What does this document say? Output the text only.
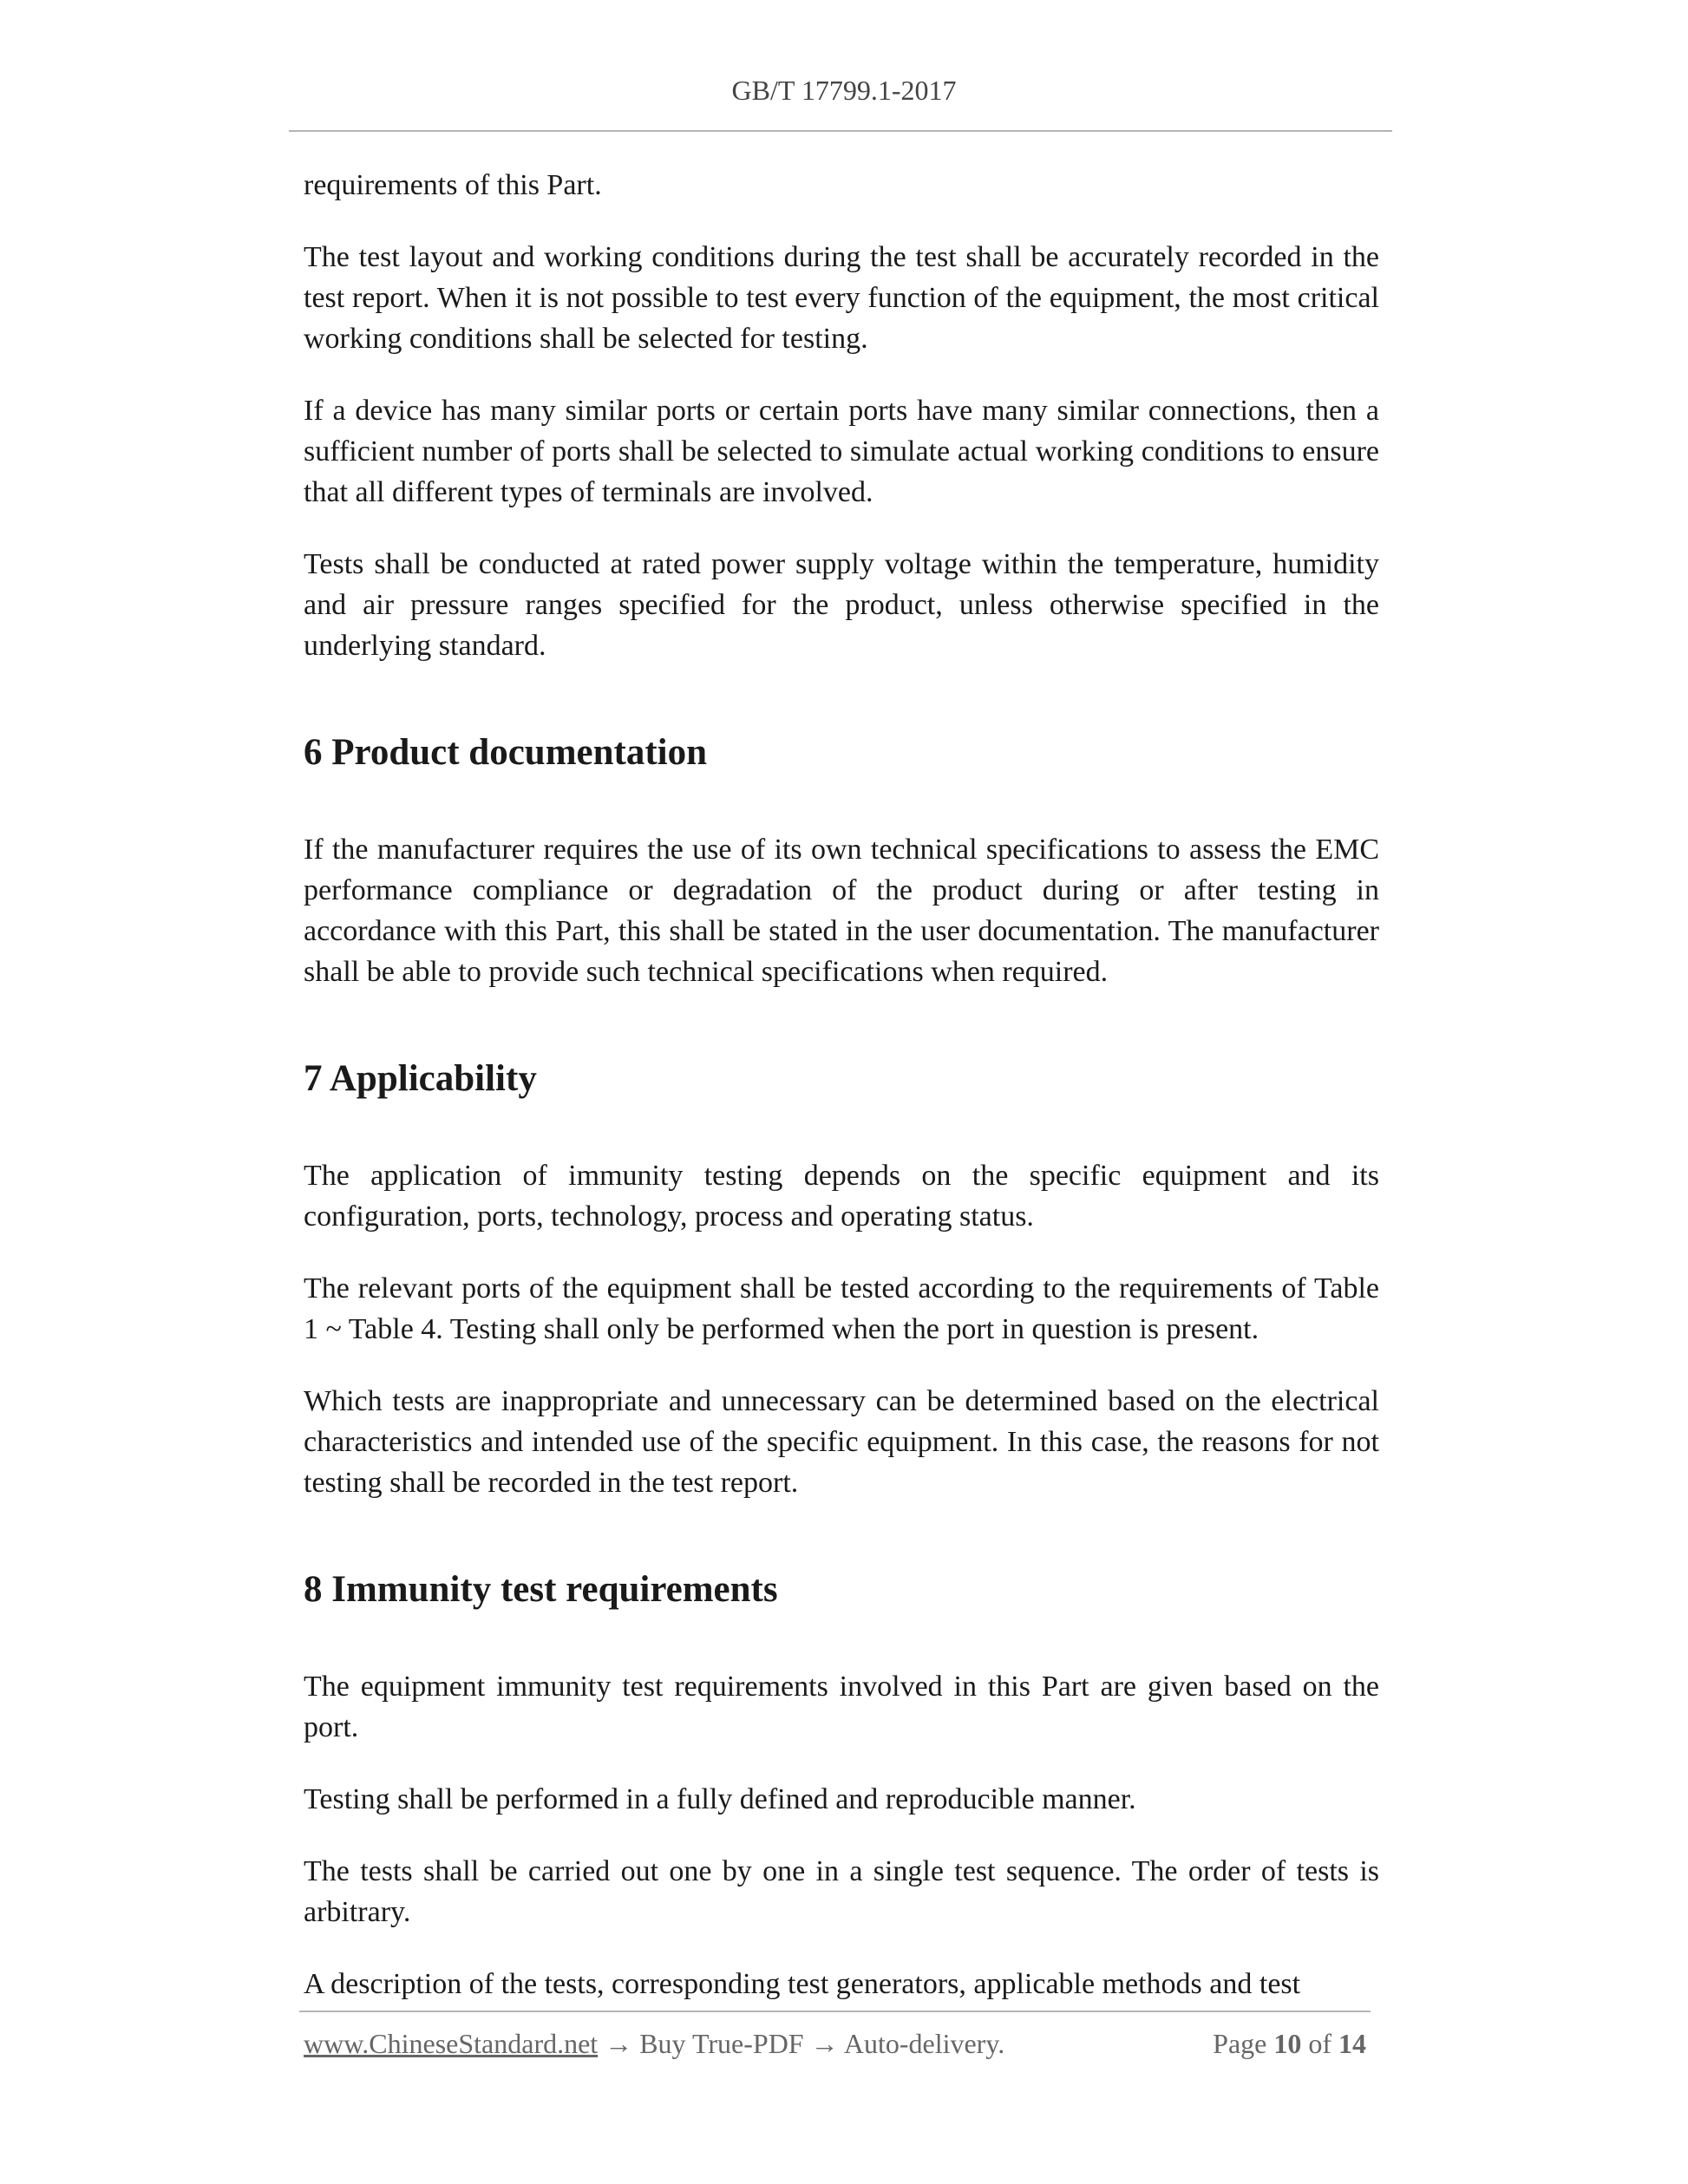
GB/T 17799.1-2017

requirements of this Part.

The test layout and working conditions during the test shall be accurately recorded in the test report. When it is not possible to test every function of the equipment, the most critical working conditions shall be selected for testing.

If a device has many similar ports or certain ports have many similar connections, then a sufficient number of ports shall be selected to simulate actual working conditions to ensure that all different types of terminals are involved.

Tests shall be conducted at rated power supply voltage within the temperature, humidity and air pressure ranges specified for the product, unless otherwise specified in the underlying standard.

6 Product documentation

If the manufacturer requires the use of its own technical specifications to assess the EMC performance compliance or degradation of the product during or after testing in accordance with this Part, this shall be stated in the user documentation. The manufacturer shall be able to provide such technical specifications when required.

7 Applicability

The application of immunity testing depends on the specific equipment and its configuration, ports, technology, process and operating status.

The relevant ports of the equipment shall be tested according to the requirements of Table 1 ~ Table 4. Testing shall only be performed when the port in question is present.

Which tests are inappropriate and unnecessary can be determined based on the electrical characteristics and intended use of the specific equipment. In this case, the reasons for not testing shall be recorded in the test report.

8 Immunity test requirements

The equipment immunity test requirements involved in this Part are given based on the port.

Testing shall be performed in a fully defined and reproducible manner.

The tests shall be carried out one by one in a single test sequence. The order of tests is arbitrary.

A description of the tests, corresponding test generators, applicable methods and test

www.ChineseStandard.net → Buy True-PDF → Auto-delivery.	Page 10 of 14
